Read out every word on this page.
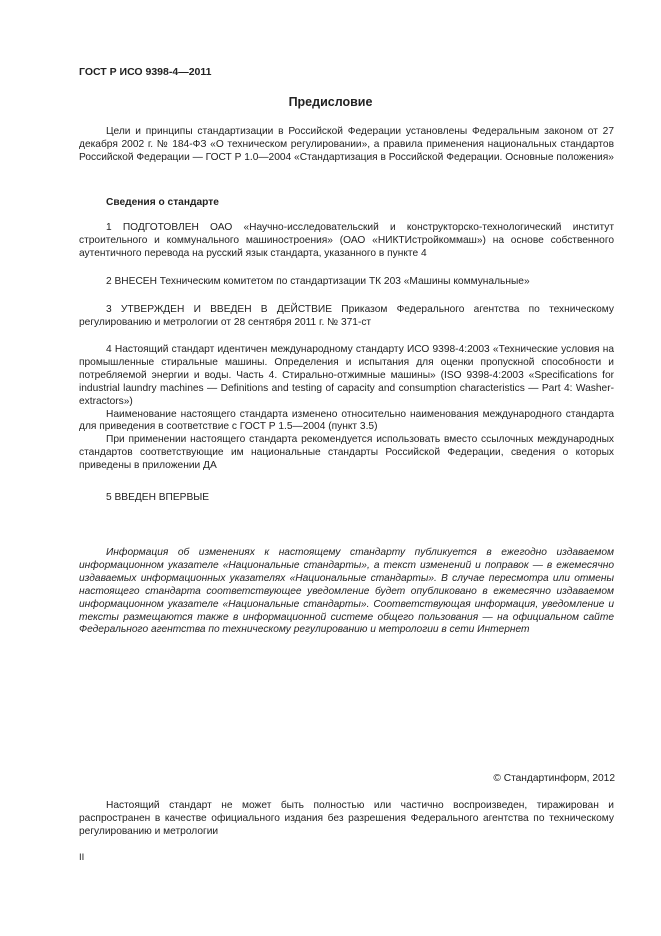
ГОСТ Р ИСО 9398-4—2011
Предисловие

Цели и принципы стандартизации в Российской Федерации установлены Федеральным законом от 27 декабря 2002 г. № 184-ФЗ «О техническом регулировании», а правила применения национальных стандартов Российской Федерации — ГОСТ Р 1.0—2004 «Стандартизация в Российской Федерации. Основные положения»

Сведения о стандарте

1 ПОДГОТОВЛЕН ОАО «Научно-исследовательский и конструкторско-технологический институт строительного и коммунального машиностроения» (ОАО «НИКТИстройкоммаш») на основе собственного аутентичного перевода на русский язык стандарта, указанного в пункте 4

2 ВНЕСЕН Техническим комитетом по стандартизации ТК 203 «Машины коммунальные»

3 УТВЕРЖДЕН И ВВЕДЕН В ДЕЙСТВИЕ Приказом Федерального агентства по техническому регулированию и метрологии от 28 сентября 2011 г. № 371-ст

4 Настоящий стандарт идентичен международному стандарту ИСО 9398-4:2003 «Технические условия на промышленные стиральные машины. Определения и испытания для оценки пропускной способности и потребляемой энергии и воды. Часть 4. Стирально-отжимные машины» (ISO 9398-4:2003 «Specifications for industrial laundry machines — Definitions and testing of capacity and consumption characteristics — Part 4: Washer-extractors»)

Наименование настоящего стандарта изменено относительно наименования международного стандарта для приведения в соответствие с ГОСТ Р 1.5—2004 (пункт 3.5)

При применении настоящего стандарта рекомендуется использовать вместо ссылочных международных стандартов соответствующие им национальные стандарты Российской Федерации, сведения о которых приведены в приложении ДА

5 ВВЕДЕН ВПЕРВЫЕ

Информация об изменениях к настоящему стандарту публикуется в ежегодно издаваемом информационном указателе «Национальные стандарты», а текст изменений и поправок — в ежемесячно издаваемых информационных указателях «Национальные стандарты». В случае пересмотра или отмены настоящего стандарта соответствующее уведомление будет опубликовано в ежемесячно издаваемом информационном указателе «Национальные стандарты». Соответствующая информация, уведомление и тексты размещаются также в информационной системе общего пользования — на официальном сайте Федерального агентства по техническому регулированию и метрологии в сети Интернет

© Стандартинформ, 2012

Настоящий стандарт не может быть полностью или частично воспроизведен, тиражирован и распространен в качестве официального издания без разрешения Федерального агентства по техническому регулированию и метрологии

II
